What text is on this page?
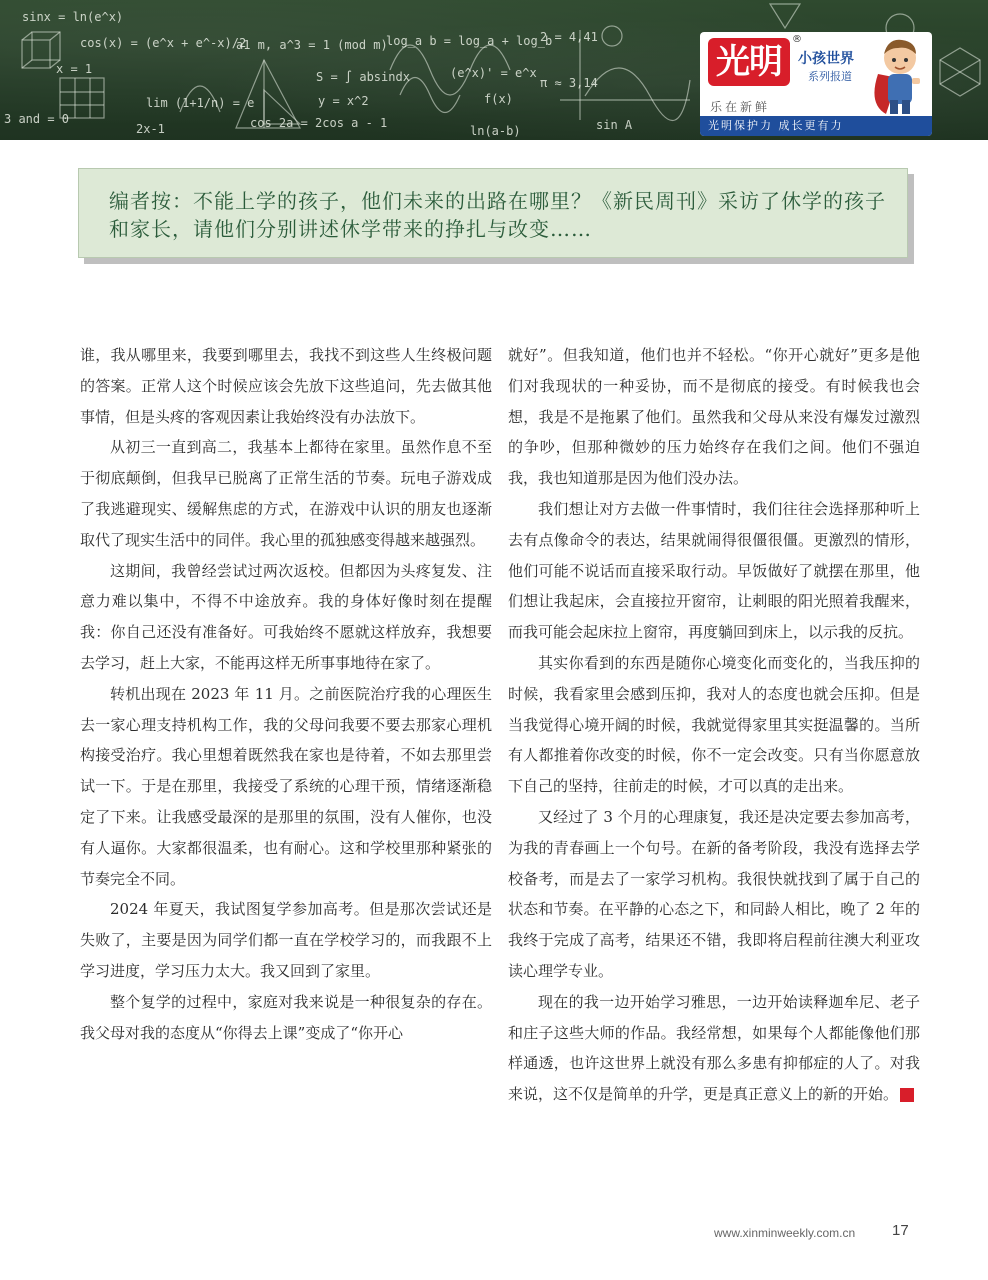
sinx = ln(e^x)
cos(x) = (e^x + e^-x)/2
a1 m, a^3 = 1 (mod m)
log_a b = log_a + log_b
x = 1
lim (1+1/n) = e
S = ∫ absindx
y = x^2
cos 2a = 2cos a - 1
3 and = 0
2x-1
f(x)
π ≈ 3,14
(e^x)' = e^x
ln(a-b)
2 = 4,41
sin A
光明
®
小孩世界
系列报道
乐在新鲜
光明保护力 成长更有力
编者按：不能上学的孩子，他们未来的出路在哪里？《新民周刊》采访了休学的孩子和家长，请他们分别讲述休学带来的挣扎与改变……

谁，我从哪里来，我要到哪里去，我找不到这些人生终极问题的答案。正常人这个时候应该会先放下这些追问，先去做其他事情，但是头疼的客观因素让我始终没有办法放下。

从初三一直到高二，我基本上都待在家里。虽然作息不至于彻底颠倒，但我早已脱离了正常生活的节奏。玩电子游戏成了我逃避现实、缓解焦虑的方式，在游戏中认识的朋友也逐渐取代了现实生活中的同伴。我心里的孤独感变得越来越强烈。

这期间，我曾经尝试过两次返校。但都因为头疼复发、注意力难以集中，不得不中途放弃。我的身体好像时刻在提醒我：你自己还没有准备好。可我始终不愿就这样放弃，我想要去学习，赶上大家，不能再这样无所事事地待在家了。

转机出现在 2023 年 11 月。之前医院治疗我的心理医生去一家心理支持机构工作，我的父母问我要不要去那家心理机构接受治疗。我心里想着既然我在家也是待着，不如去那里尝试一下。于是在那里，我接受了系统的心理干预，情绪逐渐稳定了下来。让我感受最深的是那里的氛围，没有人催你，也没有人逼你。大家都很温柔，也有耐心。这和学校里那种紧张的节奏完全不同。

2024 年夏天，我试图复学参加高考。但是那次尝试还是失败了，主要是因为同学们都一直在学校学习的，而我跟不上学习进度，学习压力太大。我又回到了家里。

整个复学的过程中，家庭对我来说是一种很复杂的存在。我父母对我的态度从“你得去上课”变成了“你开心

就好”。但我知道，他们也并不轻松。“你开心就好”更多是他们对我现状的一种妥协，而不是彻底的接受。有时候我也会想，我是不是拖累了他们。虽然我和父母从来没有爆发过激烈的争吵，但那种微妙的压力始终存在我们之间。他们不强迫我，我也知道那是因为他们没办法。

我们想让对方去做一件事情时，我们往往会选择那种听上去有点像命令的表达，结果就闹得很僵很僵。更激烈的情形，他们可能不说话而直接采取行动。早饭做好了就摆在那里，他们想让我起床，会直接拉开窗帘，让刺眼的阳光照着我醒来，而我可能会起床拉上窗帘，再度躺回到床上，以示我的反抗。

其实你看到的东西是随你心境变化而变化的，当我压抑的时候，我看家里会感到压抑，我对人的态度也就会压抑。但是当我觉得心境开阔的时候，我就觉得家里其实挺温馨的。当所有人都推着你改变的时候，你不一定会改变。只有当你愿意放下自己的坚持，往前走的时候，才可以真的走出来。

又经过了 3 个月的心理康复，我还是决定要去参加高考，为我的青春画上一个句号。在新的备考阶段，我没有选择去学校备考，而是去了一家学习机构。我很快就找到了属于自己的状态和节奏。在平静的心态之下，和同龄人相比，晚了 2 年的我终于完成了高考，结果还不错，我即将启程前往澳大利亚攻读心理学专业。

现在的我一边开始学习雅思，一边开始读释迦牟尼、老子和庄子这些大师的作品。我经常想，如果每个人都能像他们那样通透，也许这世界上就没有那么多患有抑郁症的人了。对我来说，这不仅是简单的升学，更是真正意义上的新的开始。	民

www.xinminweekly.com.cn 17
